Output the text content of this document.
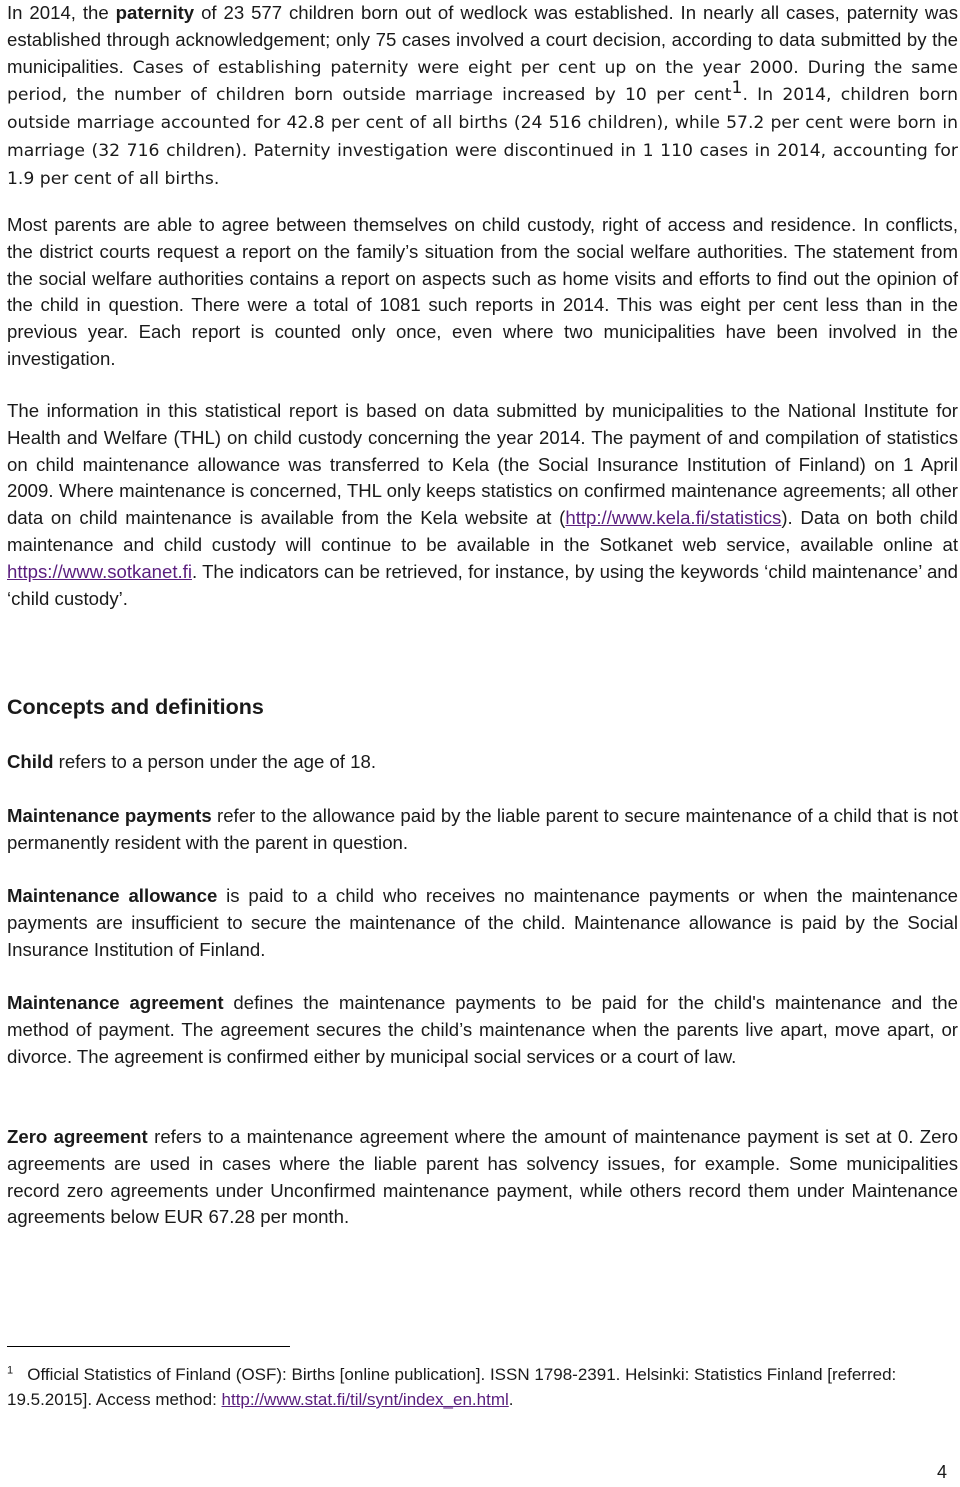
In 2014, the paternity of 23 577 children born out of wedlock was established. In nearly all cases, paternity was established through acknowledgement; only 75 cases involved a court decision, according to data submitted by the municipalities. Cases of establishing paternity were eight per cent up on the year 2000. During the same period, the number of children born outside marriage increased by 10 per cent$^1$. In 2014, children born outside marriage accounted for 42.8 per cent of all births (24 516 children), while 57.2 per cent were born in marriage (32 716 children). Paternity investigation were discontinued in 1 110 cases in 2014, accounting for 1.9 per cent of all births.

Most parents are able to agree between themselves on child custody, right of access and residence. In conflicts, the district courts request a report on the family’s situation from the social welfare authorities. The statement from the social welfare authorities contains a report on aspects such as home visits and efforts to find out the opinion of the child in question. There were a total of 1081 such reports in 2014. This was eight per cent less than in the previous year. Each report is counted only once, even where two municipalities have been involved in the investigation.

The information in this statistical report is based on data submitted by municipalities to the National Institute for Health and Welfare (THL) on child custody concerning the year 2014. The payment of and compilation of statistics on child maintenance allowance was transferred to Kela (the Social Insurance Institution of Finland) on 1 April 2009. Where maintenance is concerned, THL only keeps statistics on confirmed maintenance agreements; all other data on child maintenance is available from the Kela website at (http://www.kela.fi/statistics). Data on both child maintenance and child custody will continue to be available in the Sotkanet web service, available online at https://www.sotkanet.fi. The indicators can be retrieved, for instance, by using the keywords ‘child maintenance’ and ‘child custody’.

Concepts and definitions

Child refers to a person under the age of 18.

Maintenance payments refer to the allowance paid by the liable parent to secure maintenance of a child that is not permanently resident with the parent in question.

Maintenance allowance is paid to a child who receives no maintenance payments or when the maintenance payments are insufficient to secure the maintenance of the child. Maintenance allowance is paid by the Social Insurance Institution of Finland.

Maintenance agreement defines the maintenance payments to be paid for the child's maintenance and the method of payment. The agreement secures the child’s maintenance when the parents live apart, move apart, or divorce. The agreement is confirmed either by municipal social services or a court of law.

Zero agreement refers to a maintenance agreement where the amount of maintenance payment is set at 0. Zero agreements are used in cases where the liable parent has solvency issues, for example. Some municipalities record zero agreements under Unconfirmed maintenance payment, while others record them under Maintenance agreements below EUR 67.28 per month.

$^1$ Official Statistics of Finland (OSF): Births [online publication]. ISSN 1798-2391. Helsinki: Statistics Finland [referred: 19.5.2015]. Access method: http://www.stat.fi/til/synt/index_en.html.

4
